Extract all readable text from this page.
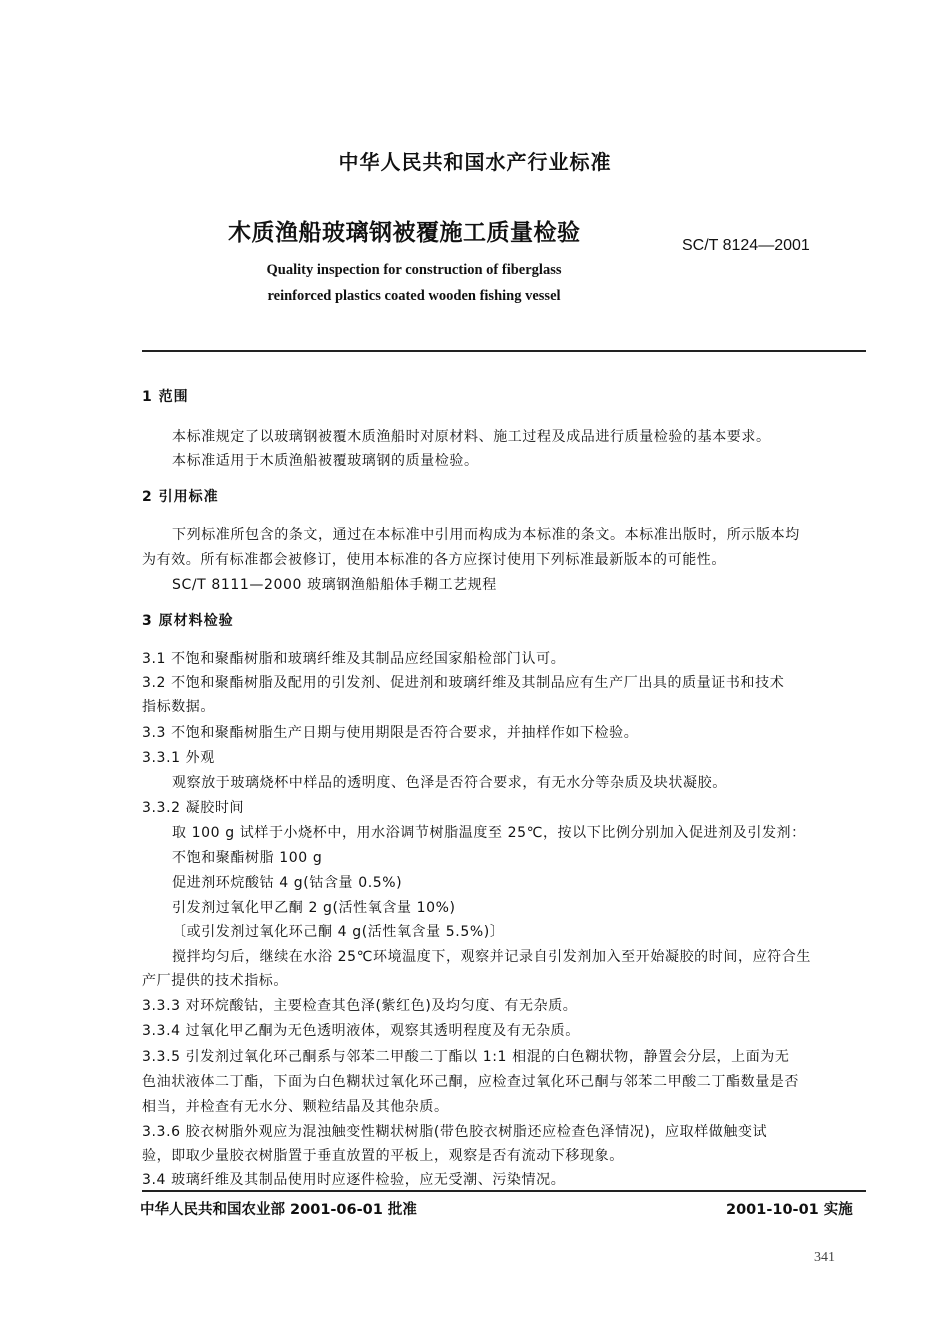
中华人民共和国水产行业标准
木质渔船玻璃钢被覆施工质量检验	SC/T 8124—2001
Quality inspection for construction of fiberglass
reinforced plastics coated wooden fishing vessel
1 范围
本标准规定了以玻璃钢被覆木质渔船时对原材料、施工过程及成品进行质量检验的基本要求。
本标准适用于木质渔船被覆玻璃钢的质量检验。
2 引用标准
下列标准所包含的条文，通过在本标准中引用而构成为本标准的条文。本标准出版时，所示版本均
为有效。所有标准都会被修订，使用本标准的各方应探讨使用下列标准最新版本的可能性。
SC/T 8111—2000 玻璃钢渔船船体手糊工艺规程
3 原材料检验
3.1 不饱和聚酯树脂和玻璃纤维及其制品应经国家船检部门认可。
3.2 不饱和聚酯树脂及配用的引发剂、促进剂和玻璃纤维及其制品应有生产厂出具的质量证书和技术
指标数据。
3.3 不饱和聚酯树脂生产日期与使用期限是否符合要求，并抽样作如下检验。
3.3.1 外观
观察放于玻璃烧杯中样品的透明度、色泽是否符合要求，有无水分等杂质及块状凝胶。
3.3.2 凝胶时间
取 100 g 试样于小烧杯中，用水浴调节树脂温度至 25℃，按以下比例分别加入促进剂及引发剂：
不饱和聚酯树脂 100 g
促进剂环烷酸钴 4 g(钴含量 0.5%)
引发剂过氧化甲乙酮 2 g(活性氧含量 10%)
〔或引发剂过氧化环己酮 4 g(活性氧含量 5.5%)〕
搅拌均匀后，继续在水浴 25℃环境温度下，观察并记录自引发剂加入至开始凝胶的时间，应符合生
产厂提供的技术指标。
3.3.3 对环烷酸钴，主要检查其色泽(紫红色)及均匀度、有无杂质。
3.3.4 过氧化甲乙酮为无色透明液体，观察其透明程度及有无杂质。
3.3.5 引发剂过氧化环己酮系与邻苯二甲酸二丁酯以 1:1 相混的白色糊状物，静置会分层，上面为无
色油状液体二丁酯，下面为白色糊状过氧化环己酮，应检查过氧化环己酮与邻苯二甲酸二丁酯数量是否
相当，并检查有无水分、颗粒结晶及其他杂质。
3.3.6 胶衣树脂外观应为混浊触变性糊状树脂(带色胶衣树脂还应检查色泽情况)，应取样做触变试
验，即取少量胶衣树脂置于垂直放置的平板上，观察是否有流动下移现象。
3.4 玻璃纤维及其制品使用时应逐件检验，应无受潮、污染情况。
中华人民共和国农业部 2001-06-01 批准	2001-10-01 实施
341
